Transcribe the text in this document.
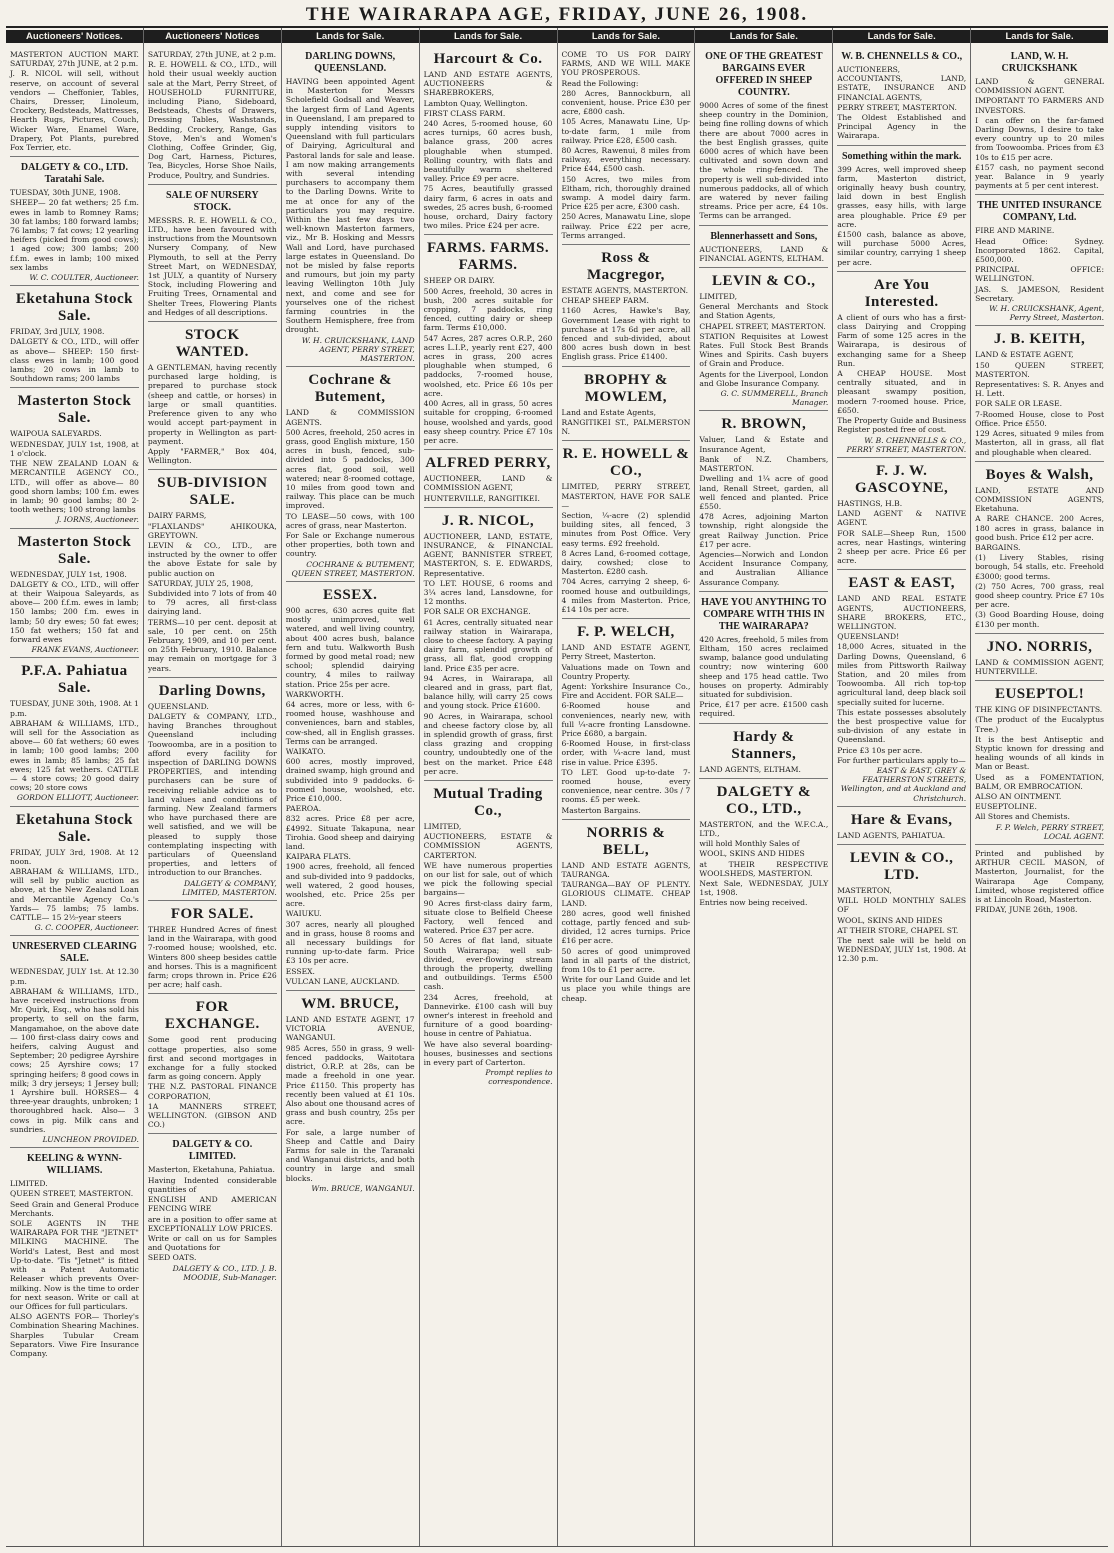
THE WAIRARAPA AGE, FRIDAY, JUNE 26, 1908.
Auctioneers' Notices.
MASTERTON AUCTION MART. SATURDAY, 27th JUNE, at 2 p.m.
J. R. NICOL will sell, without reserve, on account of several vendors — Cheffonier, Tables, Chairs, Dresser, Linoleum, Crockery, Bedsteads, Mattresses, Hearth Rugs, Pictures, Couch, Wicker Ware, Enamel Ware, Drapery, Pot Plants, purebred Fox Terrier, etc.
DALGETY & CO., LTD. Taratahi Sale.
TUESDAY, 30th JUNE, 1908.
SHEEP— 20 fat wethers; 25 f.m. ewes in lamb to Romney Rams; 30 fat lambs; 180 forward lambs; 76 lambs; 7 fat cows; 12 yearling heifers (picked from good cows); 1 aged cow; 300 lambs; 200 f.f.m. ewes in lamb; 100 mixed sex lambs
W. C. COULTER, Auctioneer.
Eketahuna Stock Sale.
FRIDAY, 3rd JULY, 1908.
DALGETY & CO., LTD., will offer as above— SHEEP: 150 first-class ewes in lamb; 100 good lambs; 20 cows in lamb to Southdown rams; 200 lambs
Masterton Stock Sale.
WAIPOUA SALEYARDS.
WEDNESDAY, JULY 1st, 1908, at 1 o'clock.
THE NEW ZEALAND LOAN & MERCANTILE AGENCY CO., LTD., will offer as above— 80 good shorn lambs; 100 f.m. ewes in lamb; 90 good lambs; 80 2-tooth wethers; 100 strong lambs
J. IORNS, Auctioneer.
Masterton Stock Sale.
WEDNESDAY, JULY 1st, 1908.
DALGETY & CO., LTD., will offer at their Waipoua Saleyards, as above— 200 f.f.m. ewes in lamb; 150 lambs; 200 f.m. ewes in lamb; 50 dry ewes; 50 fat ewes; 150 fat wethers; 150 fat and forward ewes
FRANK EVANS, Auctioneer.
P.F.A. Pahiatua Sale.
TUESDAY, JUNE 30th, 1908. At 1 p.m.
ABRAHAM & WILLIAMS, LTD., will sell for the Association as above— 60 fat wethers; 60 ewes in lamb; 100 good lambs; 200 ewes in lamb; 85 lambs; 25 fat ewes; 125 fat wethers. CATTLE— 4 store cows; 20 good dairy cows; 20 store cows
GORDON ELLIOTT, Auctioneer.
Eketahuna Stock Sale.
FRIDAY, JULY 3rd, 1908. At 12 noon.
ABRAHAM & WILLIAMS, LTD., will sell by public auction as above, at the New Zealand Loan and Mercantile Agency Co.'s Yards— 75 lambs; 75 lambs. CATTLE— 15 2½-year steers
G. C. COOPER, Auctioneer.
UNRESERVED CLEARING SALE.
WEDNESDAY, JULY 1st. At 12.30 p.m.
ABRAHAM & WILLIAMS, LTD., have received instructions from Mr. Quirk, Esq., who has sold his property, to sell on the farm, Mangamahoe, on the above date— 100 first-class dairy cows and heifers, calving August and September; 20 pedigree Ayrshire cows; 25 Ayrshire cows; 17 springing heifers; 8 good cows in milk; 3 dry jerseys; 1 Jersey bull; 1 Ayrshire bull. HORSES— 4 three-year draughts, unbroken; 1 thoroughbred hack. Also— 3 cows in pig. Milk cans and sundries.
LUNCHEON PROVIDED.
KEELING & WYNN-WILLIAMS.
LIMITED.
QUEEN STREET, MASTERTON.
Seed Grain and General Produce Merchants.
SOLE AGENTS IN THE WAIRARAPA FOR THE "JETNET" MILKING MACHINE. The World's Latest, Best and most Up-to-date. 'Tis "Jetnet" is fitted with a Patent Automatic Releaser which prevents Over-milking. Now is the time to order for next season. Write or call at our Offices for full particulars.
ALSO AGENTS FOR— Thorley's Combination Shearing Machines. Sharples Tubular Cream Separators. Viwe Fire Insurance Company.
Auctioneers' Notices
SATURDAY, 27th JUNE, at 2 p.m.
R. E. HOWELL & CO., LTD., will hold their usual weekly auction sale at the Mart, Perry Street, of HOUSEHOLD FURNITURE, including Piano, Sideboard, Bedsteads, Chests of Drawers, Dressing Tables, Washstands, Bedding, Crockery, Range, Gas Stove, Men's and Women's Clothing, Coffee Grinder, Gig, Dog Cart, Harness, Pictures, Tea, Bicycles, Horse Shoe Nails, Produce, Poultry, and Sundries.
SALE OF NURSERY STOCK.
MESSRS. R. E. HOWELL & CO., LTD., have been favoured with instructions from the Mountsown Nursery Company, of New Plymouth, to sell at the Perry Street Mart, on WEDNESDAY, 1st JULY, a quantity of Nursery Stock, including Flowering and Fruiting Trees, Ornamental and Shelter Trees, Flowering Plants and Hedges of all descriptions.
STOCK WANTED.
A GENTLEMAN, having recently purchased large holding, is prepared to purchase stock (sheep and cattle, or horses) in large or small quantities. Preference given to any who would accept part-payment in property in Wellington as part-payment.
Apply "FARMER," Box 404, Wellington.
SUB-DIVISION SALE.
DAIRY FARMS,
"FLAXLANDS" AHIKOUKA, GREYTOWN.
LEVIN & CO., LTD., are instructed by the owner to offer the above Estate for sale by public auction on
SATURDAY, JULY 25, 1908,
Subdivided into 7 lots of from 40 to 79 acres, all first-class dairying land.
TERMS—10 per cent. deposit at sale, 10 per cent. on 25th February, 1909, and 10 per cent. on 25th February, 1910. Balance may remain on mortgage for 3 years.
Darling Downs,
QUEENSLAND.
DALGETY & COMPANY, LTD., having Branches throughout Queensland including Toowoomba, are in a position to afford every facility for inspection of DARLING DOWNS PROPERTIES, and intending purchasers can be sure of receiving reliable advice as to land values and conditions of farming. New Zealand farmers who have purchased there are well satisfied, and we will be pleased to supply those contemplating inspecting with particulars of Queensland properties, and letters of introduction to our Branches.
DALGETY & COMPANY, LIMITED, MASTERTON.
FOR SALE.
THREE Hundred Acres of finest land in the Wairarapa, with good 7-roomed house; woolshed, etc. Winters 800 sheep besides cattle and horses. This is a magnificent farm; crops thrown in. Price £26 per acre; half cash.
FOR EXCHANGE.
Some good rent producing cottage properties, also some first and second mortgages in exchange for a fully stocked farm as going concern. Apply
THE N.Z. PASTORAL FINANCE CORPORATION,
1A MANNERS STREET, WELLINGTON. (GIBSON AND CO.)
DALGETY & CO. LIMITED.
Masterton, Eketahuna, Pahiatua.
Having Indented considerable quantities of
ENGLISH AND AMERICAN FENCING WIRE
are in a position to offer same at EXCEPTIONALLY LOW PRICES.
Write or call on us for Samples and Quotations for
SEED OATS.
DALGETY & CO., LTD. J. B. MOODIE, Sub-Manager.
Lands for Sale.
DARLING DOWNS, QUEENSLAND.
HAVING been appointed Agent in Masterton for Messrs Scholefield Godsall and Weaver, the largest firm of Land Agents in Queensland, I am prepared to supply intending visitors to Queensland with full particulars of Dairying, Agricultural and Pastoral lands for sale and lease. I am now making arrangements with several intending purchasers to accompany them to the Darling Downs. Write to me at once for any of the particulars you may require. Within the last few days two well-known Masterton farmers, viz., Mr B. Hosking and Messrs Wall and Lord, have purchased large estates in Queensland. Do not be misled by false reports and rumours, but join my party leaving Wellington 10th July next, and come and see for yourselves one of the richest farming countries in the Southern Hemisphere, free from drought.
W. H. CRUICKSHANK, LAND AGENT, PERRY STREET, MASTERTON.
Cochrane & Butement,
LAND & COMMISSION AGENTS.
500 Acres, freehold, 250 acres in grass, good English mixture, 150 acres in bush, fenced, sub-divided into 5 paddocks, 300 acres flat, good soil, well watered; near 8-roomed cottage, 10 miles from good town and railway. This place can be much improved.
TO LEASE—50 cows, with 100 acres of grass, near Masterton.
For Sale or Exchange numerous other properties, both town and country.
COCHRANE & BUTEMENT, QUEEN STREET, MASTERTON.
ESSEX.
900 acres, 630 acres quite flat mostly unimproved, well watered, and well living country, about 400 acres bush, balance fern and tutu. Walkworth Bush formed by good metal road; new school; splendid dairying country, 4 miles to railway station. Price 25s per acre.
WARKWORTH.
64 acres, more or less, with 6-roomed house, washhouse and conveniences, barn and stables, cow-shed, all in English grasses. Terms can be arranged.
WAIKATO.
600 acres, mostly improved, drained swamp, high ground and subdivided into 9 paddocks. 6-roomed house, woolshed, etc. Price £10,000.
PAEROA.
832 acres. Price £8 per acre, £4992. Situate Takapuna, near Tirohia. Good sheep and dairying land.
KAIPARA FLATS.
1900 acres, freehold, all fenced and sub-divided into 9 paddocks, well watered, 2 good houses, woolshed, etc. Price 25s per acre.
WAIUKU.
307 acres, nearly all ploughed and in grass, house 8 rooms and all necessary buildings for running up-to-date farm. Price £3 10s per acre.
ESSEX.
VULCAN LANE, AUCKLAND.
WM. BRUCE,
LAND AND ESTATE AGENT, 17 VICTORIA AVENUE, WANGANUI.
985 Acres, 550 in grass, 9 well-fenced paddocks, Waitotara district, O.R.P. at 28s, can be made a freehold in one year. Price £1150. This property has recently been valued at £1 10s. Also about one thousand acres of grass and bush country, 25s per acre.
For sale, a large number of Sheep and Cattle and Dairy Farms for sale in the Taranaki and Wanganui districts, and both country in large and small blocks.
Wm. BRUCE, WANGANUI.
Lands for Sale.
Harcourt & Co.
LAND AND ESTATE AGENTS, AUCTIONEERS & SHAREBROKERS,
Lambton Quay, Wellington.
FIRST CLASS FARM.
240 Acres, 5-roomed house, 60 acres turnips, 60 acres bush, balance grass, 200 acres ploughable when stumped. Rolling country, with flats and beautifully warm sheltered valley. Price £9 per acre.
75 Acres, beautifully grassed dairy farm, 6 acres in oats and swedes, 25 acres bush, 6-roomed house, orchard, Dairy factory two miles. Price £24 per acre.
FARMS. FARMS. FARMS.
SHEEP OR DAIRY.
500 Acres, freehold, 30 acres in bush, 200 acres suitable for cropping, 7 paddocks, ring fenced, cutting dairy or sheep farm. Terms £10,000.
547 Acres, 287 acres O.R.P., 260 acres L.I.P., yearly rent £27, 400 acres in grass, 200 acres ploughable when stumped, 6 paddocks, 7-roomed house, woolshed, etc. Price £6 10s per acre.
400 Acres, all in grass, 50 acres suitable for cropping, 6-roomed house, woolshed and yards, good easy sheep country. Price £7 10s per acre.
ALFRED PERRY,
AUCTIONEER, LAND & COMMISSION AGENT,
HUNTERVILLE, RANGITIKEI.
J. R. NICOL,
AUCTIONEER, LAND, ESTATE, INSURANCE, & FINANCIAL AGENT, BANNISTER STREET, MASTERTON, S. E. EDWARDS, Representative.
TO LET. HOUSE, 6 rooms and 3¼ acres land, Lansdowne, for 12 months.
FOR SALE OR EXCHANGE.
61 Acres, centrally situated near railway station in Wairarapa, close to cheese factory. A paying dairy farm, splendid growth of grass, all flat, good cropping land. Price £35 per acre.
94 Acres, in Wairarapa, all cleared and in grass, part flat, balance hilly, will carry 25 cows and young stock. Price £1600.
90 Acres, in Wairarapa, school and cheese factory close by, all in splendid growth of grass, first class grazing and cropping country, undoubtedly one of the best on the market. Price £48 per acre.
Mutual Trading Co.,
LIMITED,
AUCTIONEERS, ESTATE & COMMISSION AGENTS, CARTERTON.
WE have numerous properties on our list for sale, out of which we pick the following special bargains—
90 Acres first-class dairy farm, situate close to Belfield Cheese Factory, well fenced and watered. Price £37 per acre.
50 Acres of flat land, situate South Wairarapa; well sub-divided, ever-flowing stream through the property, dwelling and outbuildings. Terms £500 cash.
234 Acres, freehold, at Dannevirke. £100 cash will buy owner's interest in freehold and furniture of a good boarding-house in centre of Pahiatua.
We have also several boarding-houses, businesses and sections in every part of Carterton.
Prompt replies to correspondence.
Lands for Sale.
COME TO US FOR DAIRY FARMS, AND WE WILL MAKE YOU PROSPEROUS.
Read the Following:
280 Acres, Bannockburn, all convenient, house. Price £30 per acre, £800 cash.
105 Acres, Manawatu Line, Up-to-date farm, 1 mile from railway. Price £28, £500 cash.
80 Acres, Rawenui, 8 miles from railway, everything necessary. Price £44, £500 cash.
150 Acres, two miles from Eltham, rich, thoroughly drained swamp. A model dairy farm. Price £25 per acre, £300 cash.
250 Acres, Manawatu Line, slope railway. Price £22 per acre, Terms arranged.
Ross & Macgregor,
ESTATE AGENTS, MASTERTON.
CHEAP SHEEP FARM.
1160 Acres, Hawke's Bay, Government Lease with right to purchase at 17s 6d per acre, all fenced and sub-divided, about 800 acres bush down in best English grass. Price £1400.
BROPHY & MOWLEM,
Land and Estate Agents,
RANGITIKEI ST., PALMERSTON N.
R. E. HOWELL & CO.,
LIMITED, PERRY STREET, MASTERTON, HAVE FOR SALE—
Section, ¼-acre (2) splendid building sites, all fenced, 3 minutes from Post Office. Very easy terms. £92 freehold.
8 Acres Land, 6-roomed cottage, dairy, cowshed; close to Masterton. £280 cash.
704 Acres, carrying 2 sheep, 6-roomed house and outbuildings, 4 miles from Masterton. Price, £14 10s per acre.
F. P. WELCH,
LAND AND ESTATE AGENT, Perry Street, Masterton.
Valuations made on Town and Country Property.
Agent: Yorkshire Insurance Co., Fire and Accident. FOR SALE—
6-Roomed house and conveniences, nearly new, with full ¼-acre fronting Lansdowne. Price £680, a bargain.
6-Roomed House, in first-class order, with ¼-acre land, must rise in value. Price £395.
TO LET. Good up-to-date 7-roomed house, every convenience, near centre. 30s / 7 rooms. £5 per week.
Masterton Bargains.
NORRIS & BELL,
LAND AND ESTATE AGENTS, TAURANGA.
TAURANGA—BAY OF PLENTY. GLORIOUS CLIMATE. CHEAP LAND.
280 acres, good well finished cottage, partly fenced and sub-divided, 12 acres turnips. Price £16 per acre.
50 acres of good unimproved land in all parts of the district, from 10s to £1 per acre.
Write for our Land Guide and let us place you while things are cheap.
Lands for Sale.
ONE OF THE GREATEST BARGAINS EVER OFFERED IN SHEEP COUNTRY.
9000 Acres of some of the finest sheep country in the Dominion, being fine rolling downs of which there are about 7000 acres in the best English grasses, quite 6000 acres of which have been cultivated and sown down and the whole ring-fenced. The property is well sub-divided into numerous paddocks, all of which are watered by never failing streams. Price per acre, £4 10s. Terms can be arranged.
Blennerhassett and Sons,
AUCTIONEERS, LAND & FINANCIAL AGENTS, ELTHAM.
LEVIN & CO.,
LIMITED,
General Merchants and Stock and Station Agents,
CHAPEL STREET, MASTERTON.
STATION Requisites at Lowest Rates. Full Stock Best Brands Wines and Spirits. Cash buyers of Grain and Produce.
Agents for the Liverpool, London and Globe Insurance Company.
G. C. SUMMERELL, Branch Manager.
R. BROWN,
Valuer, Land & Estate and Insurance Agent,
Bank of N.Z. Chambers, MASTERTON.
Dwelling and 1¼ acre of good land, Renall Street, garden, all well fenced and planted. Price £550.
478 Acres, adjoining Marton township, right alongside the great Railway Junction. Price £17 per acre.
Agencies—Norwich and London Accident Insurance Company, and Australian Alliance Assurance Company.
HAVE YOU ANYTHING TO COMPARE WITH THIS IN THE WAIRARAPA?
420 Acres, freehold, 5 miles from Eltham, 150 acres reclaimed swamp, balance good undulating country; now wintering 600 sheep and 175 head cattle. Two houses on property. Admirably situated for subdivision.
Price, £17 per acre. £1500 cash required.
Hardy & Stanners,
LAND AGENTS, ELTHAM.
DALGETY & CO., LTD.,
MASTERTON, and the W.F.C.A., LTD.,
will hold Monthly Sales of
WOOL, SKINS AND HIDES
at THEIR RESPECTIVE WOOLSHEDS, MASTERTON.
Next Sale, WEDNESDAY, JULY 1st, 1908.
Entries now being received.
Lands for Sale.
W. B. CHENNELLS & CO.,
AUCTIONEERS, ACCOUNTANTS, LAND, ESTATE, INSURANCE AND FINANCIAL AGENTS,
PERRY STREET, MASTERTON.
The Oldest Established and Principal Agency in the Wairarapa.
Something within the mark.
399 Acres, well improved sheep farm, Masterton district, originally heavy bush country, laid down in best English grasses, easy hills, with large area ploughable. Price £9 per acre.
£1500 cash, balance as above, will purchase 5000 Acres, similar country, carrying 1 sheep per acre.
Are You Interested.
A client of ours who has a first-class Dairying and Cropping Farm of some 125 acres in the Wairarapa, is desirous of exchanging same for a Sheep Run.
A CHEAP HOUSE. Most centrally situated, and in pleasant swampy position, modern 7-roomed house. Price, £650.
The Property Guide and Business Register posted free of cost.
W. B. CHENNELLS & CO., PERRY STREET, MASTERTON.
F. J. W. GASCOYNE,
HASTINGS, H.B.
LAND AGENT & NATIVE AGENT.
FOR SALE—Sheep Run, 1500 acres, near Hastings, wintering 2 sheep per acre. Price £6 per acre.
EAST & EAST,
LAND AND REAL ESTATE AGENTS, AUCTIONEERS, SHARE BROKERS, ETC., WELLINGTON.
QUEENSLAND!
18,000 Acres, situated in the Darling Downs, Queensland, 6 miles from Pittsworth Railway Station, and 20 miles from Toowoomba. All rich top-top agricultural land, deep black soil specially suited for lucerne.
This estate possesses absolutely the best prospective value for sub-division of any estate in Queensland.
Price £3 10s per acre.
For further particulars apply to—
EAST & EAST, GREY & FEATHERSTON STREETS, Wellington, and at Auckland and Christchurch.
Hare & Evans,
LAND AGENTS, PAHIATUA.
LEVIN & CO., LTD.
MASTERTON,
WILL HOLD MONTHLY SALES OF
WOOL, SKINS AND HIDES
AT THEIR STORE, CHAPEL ST.
The next sale will be held on WEDNESDAY, JULY 1st, 1908. At 12.30 p.m.
Lands for Sale.
LAND, W. H. CRUICKSHANK
LAND & GENERAL COMMISSION AGENT.
IMPORTANT TO FARMERS AND INVESTORS.
I can offer on the far-famed Darling Downs, I desire to take every country up to 20 miles from Toowoomba. Prices from £3 10s to £15 per acre.
£157 cash, no payment second year. Balance in 9 yearly payments at 5 per cent interest.
THE UNITED INSURANCE COMPANY, Ltd.
FIRE AND MARINE.
Head Office: Sydney. Incorporated 1862. Capital, £500,000.
PRINCIPAL OFFICE: WELLINGTON.
JAS. S. JAMESON, Resident Secretary.
W. H. CRUICKSHANK, Agent, Perry Street, Masterton.
J. B. KEITH,
LAND & ESTATE AGENT,
150 QUEEN STREET, MASTERTON.
Representatives: S. R. Anyes and H. Lett.
FOR SALE OR LEASE.
7-Roomed House, close to Post Office. Price £550.
129 Acres, situated 9 miles from Masterton, all in grass, all flat and ploughable when cleared.
Boyes & Walsh,
LAND, ESTATE AND COMMISSION AGENTS, Eketahuna.
A RARE CHANCE. 200 Acres, 180 acres in grass, balance in good bush. Price £12 per acre.
BARGAINS.
(1) Livery Stables, rising borough, 54 stalls, etc. Freehold £3000; good terms.
(2) 750 Acres, 700 grass, real good sheep country. Price £7 10s per acre.
(3) Good Boarding House, doing £130 per month.
JNO. NORRIS,
LAND & COMMISSION AGENT, HUNTERVILLE.
EUSEPTOL!
THE KING OF DISINFECTANTS.
(The product of the Eucalyptus Tree.)
It is the best Antiseptic and Styptic known for dressing and healing wounds of all kinds in Man or Beast.
Used as a FOMENTATION, BALM, OR EMBROCATION.
ALSO AN OINTMENT.
EUSEPTOLINE.
All Stores and Chemists.
F. P. Welch, PERRY STREET, LOCAL AGENT.
Printed and published by ARTHUR CECIL MASON, of Masterton, Journalist, for the Wairarapa Age Company, Limited, whose registered office is at Lincoln Road, Masterton.
FRIDAY, JUNE 26th, 1908.
